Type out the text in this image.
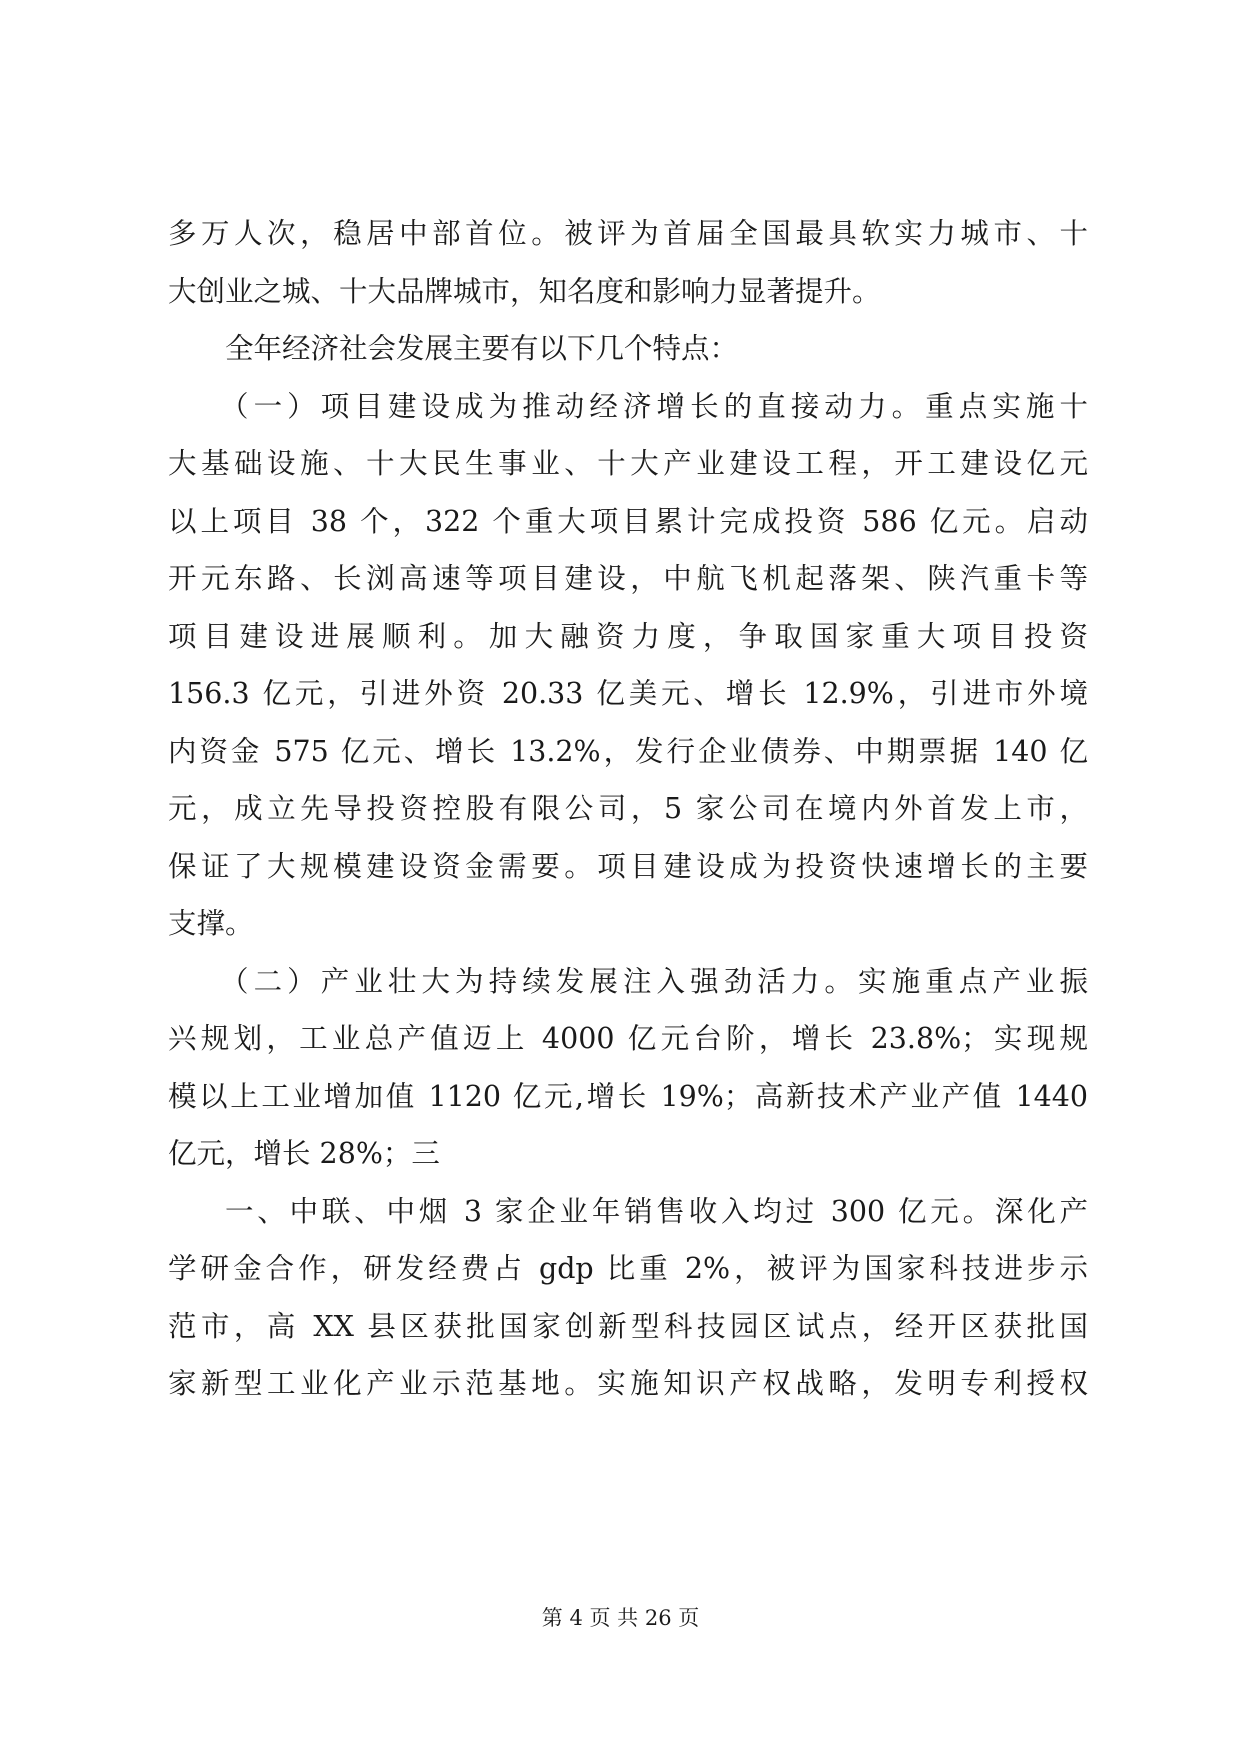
多万人次，稳居中部首位。被评为首届全国最具软实力城市、十
大创业之城、十大品牌城市，知名度和影响力显著提升。
全年经济社会发展主要有以下几个特点：
（一）项目建设成为推动经济增长的直接动力。重点实施十
大基础设施、十大民生事业、十大产业建设工程，开工建设亿元
以上项目 38 个，322 个重大项目累计完成投资 586 亿元。启动
开元东路、长浏高速等项目建设，中航飞机起落架、陕汽重卡等
项目建设进展顺利。加大融资力度，争取国家重大项目投资
156.3 亿元，引进外资 20.33 亿美元、增长 12.9%，引进市外境
内资金 575 亿元、增长 13.2%，发行企业债券、中期票据 140 亿
元，成立先导投资控股有限公司，5 家公司在境内外首发上市，
保证了大规模建设资金需要。项目建设成为投资快速增长的主要
支撑。
（二）产业壮大为持续发展注入强劲活力。实施重点产业振
兴规划，工业总产值迈上 4000 亿元台阶，增长 23.8%；实现规
模以上工业增加值 1120 亿元,增长 19%；高新技术产业产值 1440
亿元，增长 28%；三
一、中联、中烟 3 家企业年销售收入均过 300 亿元。深化产
学研金合作，研发经费占 gdp 比重 2%，被评为国家科技进步示
范市，高 XX 县区获批国家创新型科技园区试点，经开区获批国
家新型工业化产业示范基地。实施知识产权战略，发明专利授权
第 4 页 共 26 页
